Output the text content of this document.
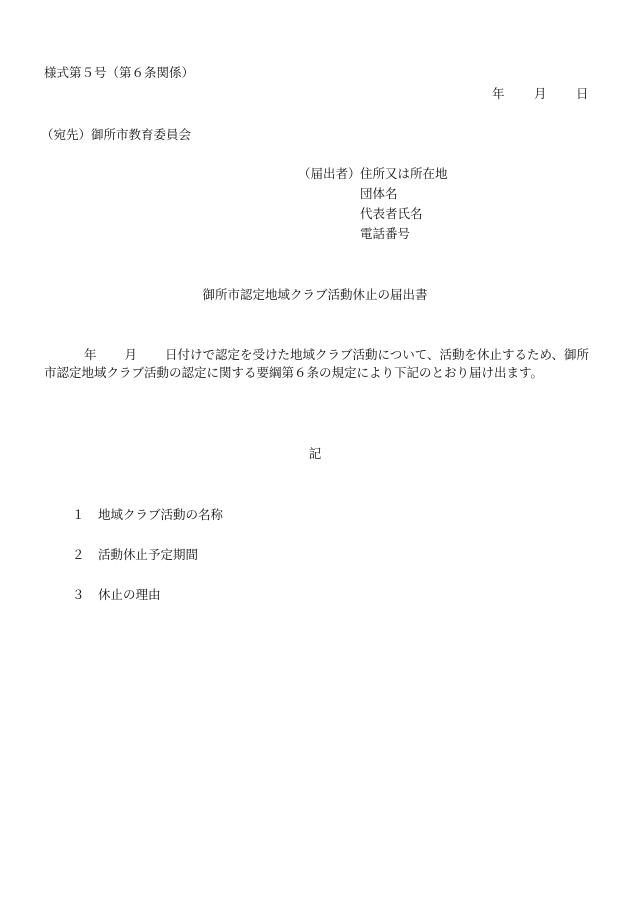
様式第５号（第６条関係）
年 月 日
（宛先）御所市教育委員会
（届出者） 住所又は所在地
団体名
代表者氏名
電話番号
御所市認定地域クラブ活動休止の届出書
年 月 日付けで認定を受けた地域クラブ活動について、活動を休止するため、御所市認定地域クラブ活動の認定に関する要綱第６条の規定により下記のとおり届け出ます。
記
１ 地域クラブ活動の名称
２ 活動休止予定期間
３ 休止の理由
